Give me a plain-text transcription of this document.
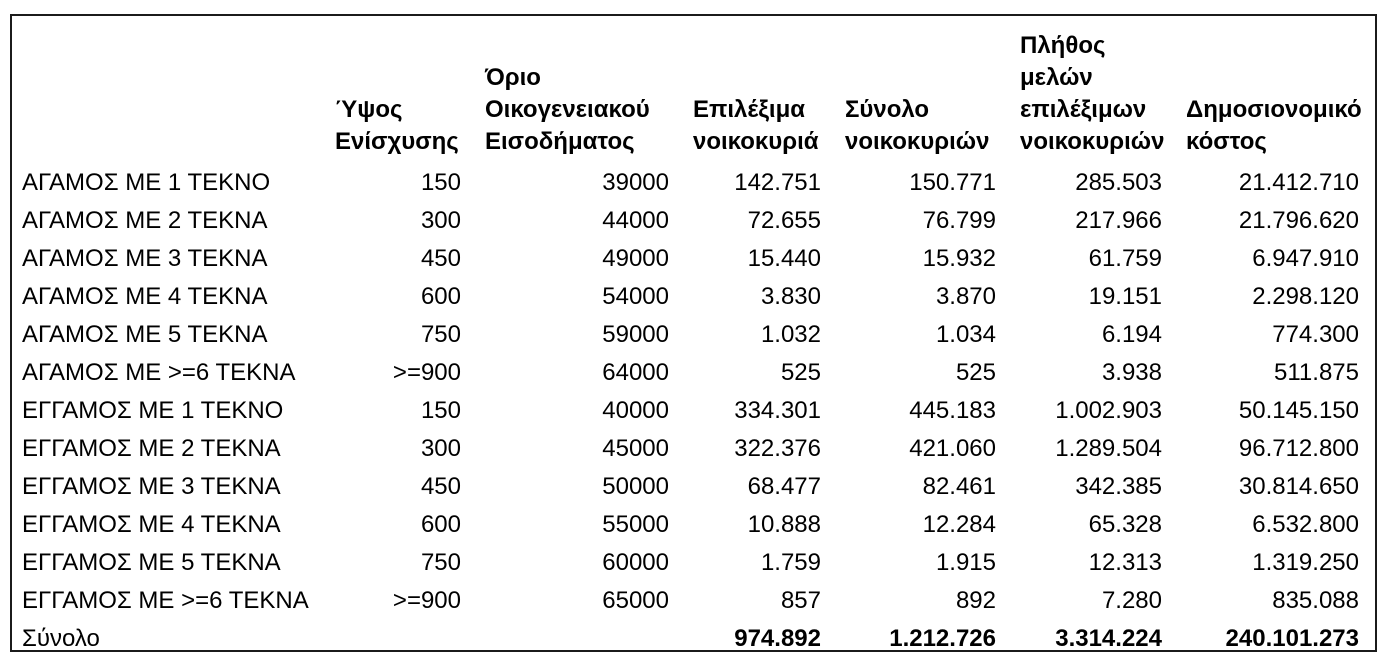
	Ύψος Ενίσχυσης	Όριο Οικογενειακού Εισοδήματος	Επιλέξιμα νοικοκυριά	Σύνολο νοικοκυριών	Πλήθος μελών επιλέξιμων νοικοκυριών	Δημοσιονομικό κόστος
ΑΓΑΜΟΣ ΜΕ 1 ΤΕΚΝΟ	150	39000	142.751	150.771	285.503	21.412.710
ΑΓΑΜΟΣ ΜΕ 2 ΤΕΚΝΑ	300	44000	72.655	76.799	217.966	21.796.620
ΑΓΑΜΟΣ ΜΕ 3 ΤΕΚΝΑ	450	49000	15.440	15.932	61.759	6.947.910
ΑΓΑΜΟΣ ΜΕ 4 ΤΕΚΝΑ	600	54000	3.830	3.870	19.151	2.298.120
ΑΓΑΜΟΣ ΜΕ 5 ΤΕΚΝΑ	750	59000	1.032	1.034	6.194	774.300
ΑΓΑΜΟΣ ΜΕ >=6 ΤΕΚΝΑ	>=900	64000	525	525	3.938	511.875
ΕΓΓΑΜΟΣ ΜΕ 1 ΤΕΚΝΟ	150	40000	334.301	445.183	1.002.903	50.145.150
ΕΓΓΑΜΟΣ ΜΕ 2 ΤΕΚΝΑ	300	45000	322.376	421.060	1.289.504	96.712.800
ΕΓΓΑΜΟΣ ΜΕ 3 ΤΕΚΝΑ	450	50000	68.477	82.461	342.385	30.814.650
ΕΓΓΑΜΟΣ ΜΕ 4 ΤΕΚΝΑ	600	55000	10.888	12.284	65.328	6.532.800
ΕΓΓΑΜΟΣ ΜΕ 5 ΤΕΚΝΑ	750	60000	1.759	1.915	12.313	1.319.250
ΕΓΓΑΜΟΣ ΜΕ >=6 ΤΕΚΝΑ	>=900	65000	857	892	7.280	835.088
Σύνολο			974.892	1.212.726	3.314.224	240.101.273
